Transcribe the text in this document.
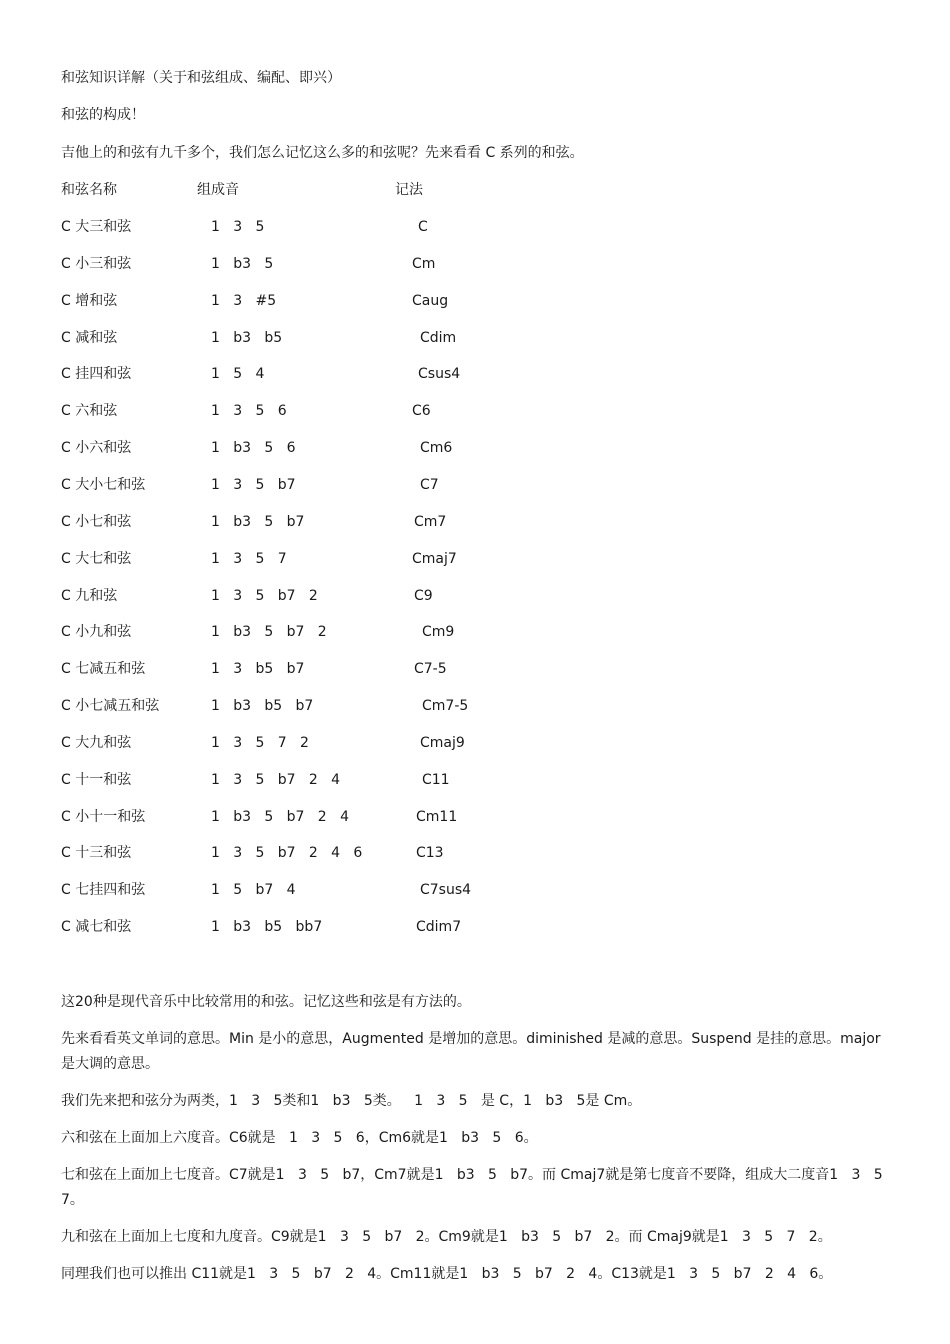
和弦知识详解（关于和弦组成、编配、即兴）
和弦的构成！
吉他上的和弦有九千多个，我们怎么记忆这么多的和弦呢？先来看看 C 系列的和弦。
和弦名称	组成音	记法
C 大三和弦	1   3   5	C
C 小三和弦	1   b3   5	Cm
C 增和弦	1   3   #5	Caug
C 减和弦	1   b3   b5	Cdim
C 挂四和弦	1   5   4	Csus4
C 六和弦	1   3   5   6	C6
C 小六和弦	1   b3   5   6	Cm6
C 大小七和弦	1   3   5   b7	C7
C 小七和弦	1   b3   5   b7	Cm7
C 大七和弦	1   3   5   7	Cmaj7
C 九和弦	1   3   5   b7   2	C9
C 小九和弦	1   b3   5   b7   2	Cm9
C 七减五和弦	1   3   b5   b7	C7-5
C 小七减五和弦	1   b3   b5   b7	Cm7-5
C 大九和弦	1   3   5   7   2	Cmaj9
C 十一和弦	1   3   5   b7   2   4	C11
C 小十一和弦	1   b3   5   b7   2   4	Cm11
C 十三和弦	1   3   5   b7   2   4   6	C13
C 七挂四和弦	1   5   b7   4	C7sus4
C 减七和弦	1   b3   b5   bb7	Cdim7
这20种是现代音乐中比较常用的和弦。记忆这些和弦是有方法的。
先来看看英文单词的意思。Min 是小的意思，Augmented 是增加的意思。diminished 是减的意思。Suspend 是挂的意思。major 是大调的意思。
我们先来把和弦分为两类，1   3   5类和1   b3   5类。   1   3   5   是 C，1   b3   5是 Cm。
六和弦在上面加上六度音。C6就是   1   3   5   6，Cm6就是1   b3   5   6。
七和弦在上面加上七度音。C7就是1   3   5   b7，Cm7就是1   b3   5   b7。而 Cmaj7就是第七度音不要降，组成大二度音1   3   5   7。
九和弦在上面加上七度和九度音。C9就是1   3   5   b7   2。Cm9就是1   b3   5   b7   2。而 Cmaj9就是1   3   5   7   2。
同理我们也可以推出 C11就是1   3   5   b7   2   4。Cm11就是1   b3   5   b7   2   4。C13就是1   3   5   b7   2   4   6。
